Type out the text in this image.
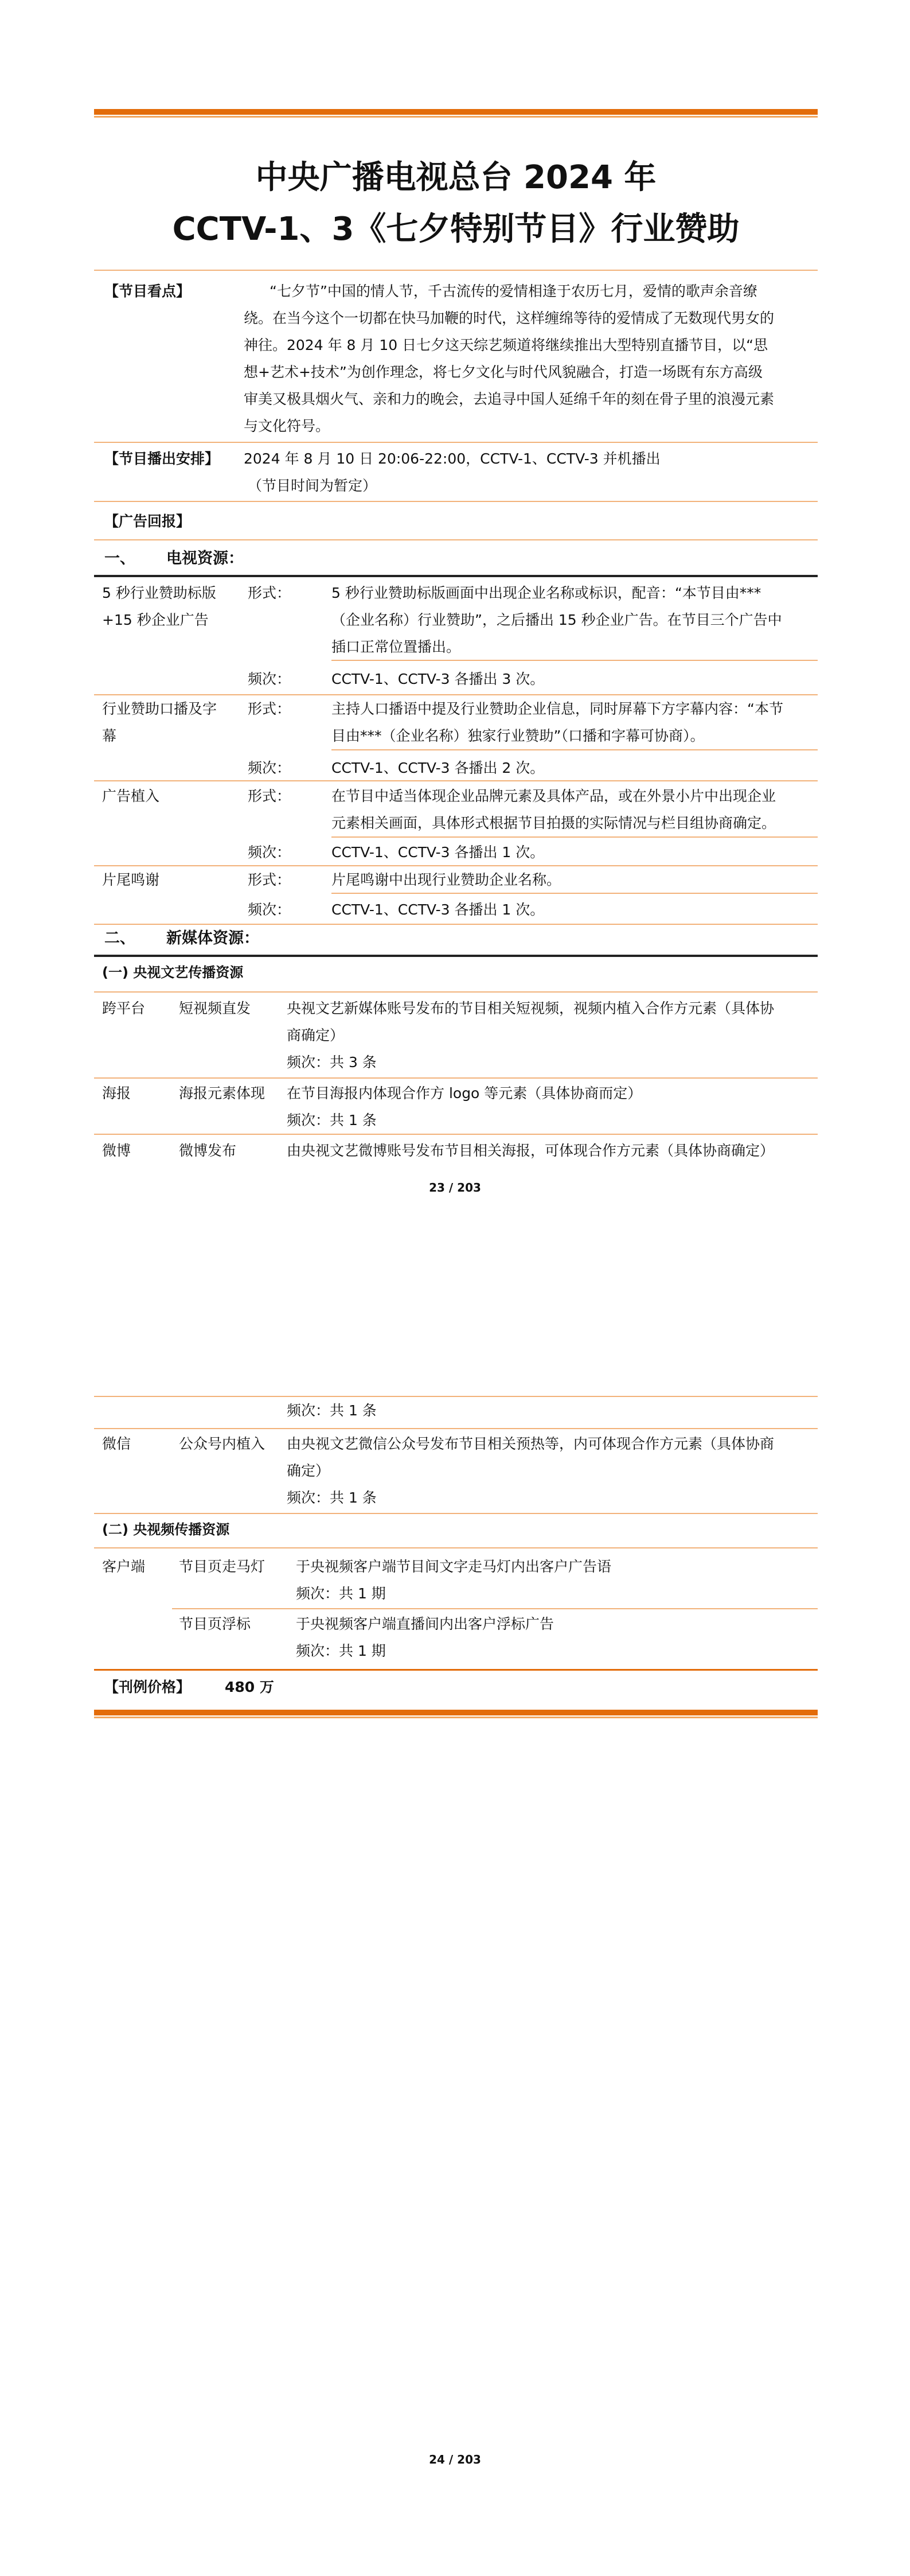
中央广播电视总台 2024 年
CCTV-1、3《七夕特别节目》行业赞助
【节目看点】	“七夕节”中国的情人节，千古流传的爱情相逢于农历七月，爱情的歌声余音缭
绕。在当今这个一切都在快马加鞭的时代，这样缠绵等待的爱情成了无数现代男女的
神往。2024 年 8 月 10 日七夕这天综艺频道将继续推出大型特别直播节目，以“思
想+艺术+技术”为创作理念，将七夕文化与时代风貌融合，打造一场既有东方高级
审美又极具烟火气、亲和力的晚会，去追寻中国人延绵千年的刻在骨子里的浪漫元素
与文化符号。
【节目播出安排】 2024 年 8 月 10 日 20:06-22:00，CCTV-1、CCTV-3 并机播出
（节目时间为暂定）
【广告回报】
一、 电视资源：
5 秒行业赞助标版
+15 秒企业广告
形式：	5 秒行业赞助标版画面中出现企业名称或标识，配音：“本节目由***
（企业名称）行业赞助”，之后播出 15 秒企业广告。在节目三个广告中
插口正常位置播出。
频次：	CCTV-1、CCTV-3 各播出 3 次。
行业赞助口播及字
幕
形式：	主持人口播语中提及行业赞助企业信息，同时屏幕下方字幕内容：“本节
目由***（企业名称）独家行业赞助”（口播和字幕可协商）。
频次：	CCTV-1、CCTV-3 各播出 2 次。
广告植入	形式：	在节目中适当体现企业品牌元素及具体产品，或在外景小片中出现企业
元素相关画面，具体形式根据节目拍摄的实际情况与栏目组协商确定。
频次：	CCTV-1、CCTV-3 各播出 1 次。
片尾鸣谢	形式：	片尾鸣谢中出现行业赞助企业名称。
频次：	CCTV-1、CCTV-3 各播出 1 次。
二、 新媒体资源：
(一) 央视文艺传播资源
跨平台 短视频直发	央视文艺新媒体账号发布的节目相关短视频，视频内植入合作方元素（具体协
商确定）
频次：共 3 条
海报	海报元素体现 在节目海报内体现合作方 logo 等元素（具体协商而定）
频次：共 1 条
微博	微博发布	由央视文艺微博账号发布节目相关海报，可体现合作方元素（具体协商确定）
23 / 203
频次：共 1 条
微信	公众号内植入 由央视文艺微信公众号发布节目相关预热等，内可体现合作方元素（具体协商
确定）
频次：共 1 条
(二) 央视频传播资源
客户端 节目页走马灯 于央视频客户端节目间文字走马灯内出客户广告语
频次：共 1 期
节目页浮标	于央视频客户端直播间内出客户浮标广告
频次：共 1 期
【刊例价格】 480 万
24 / 203
